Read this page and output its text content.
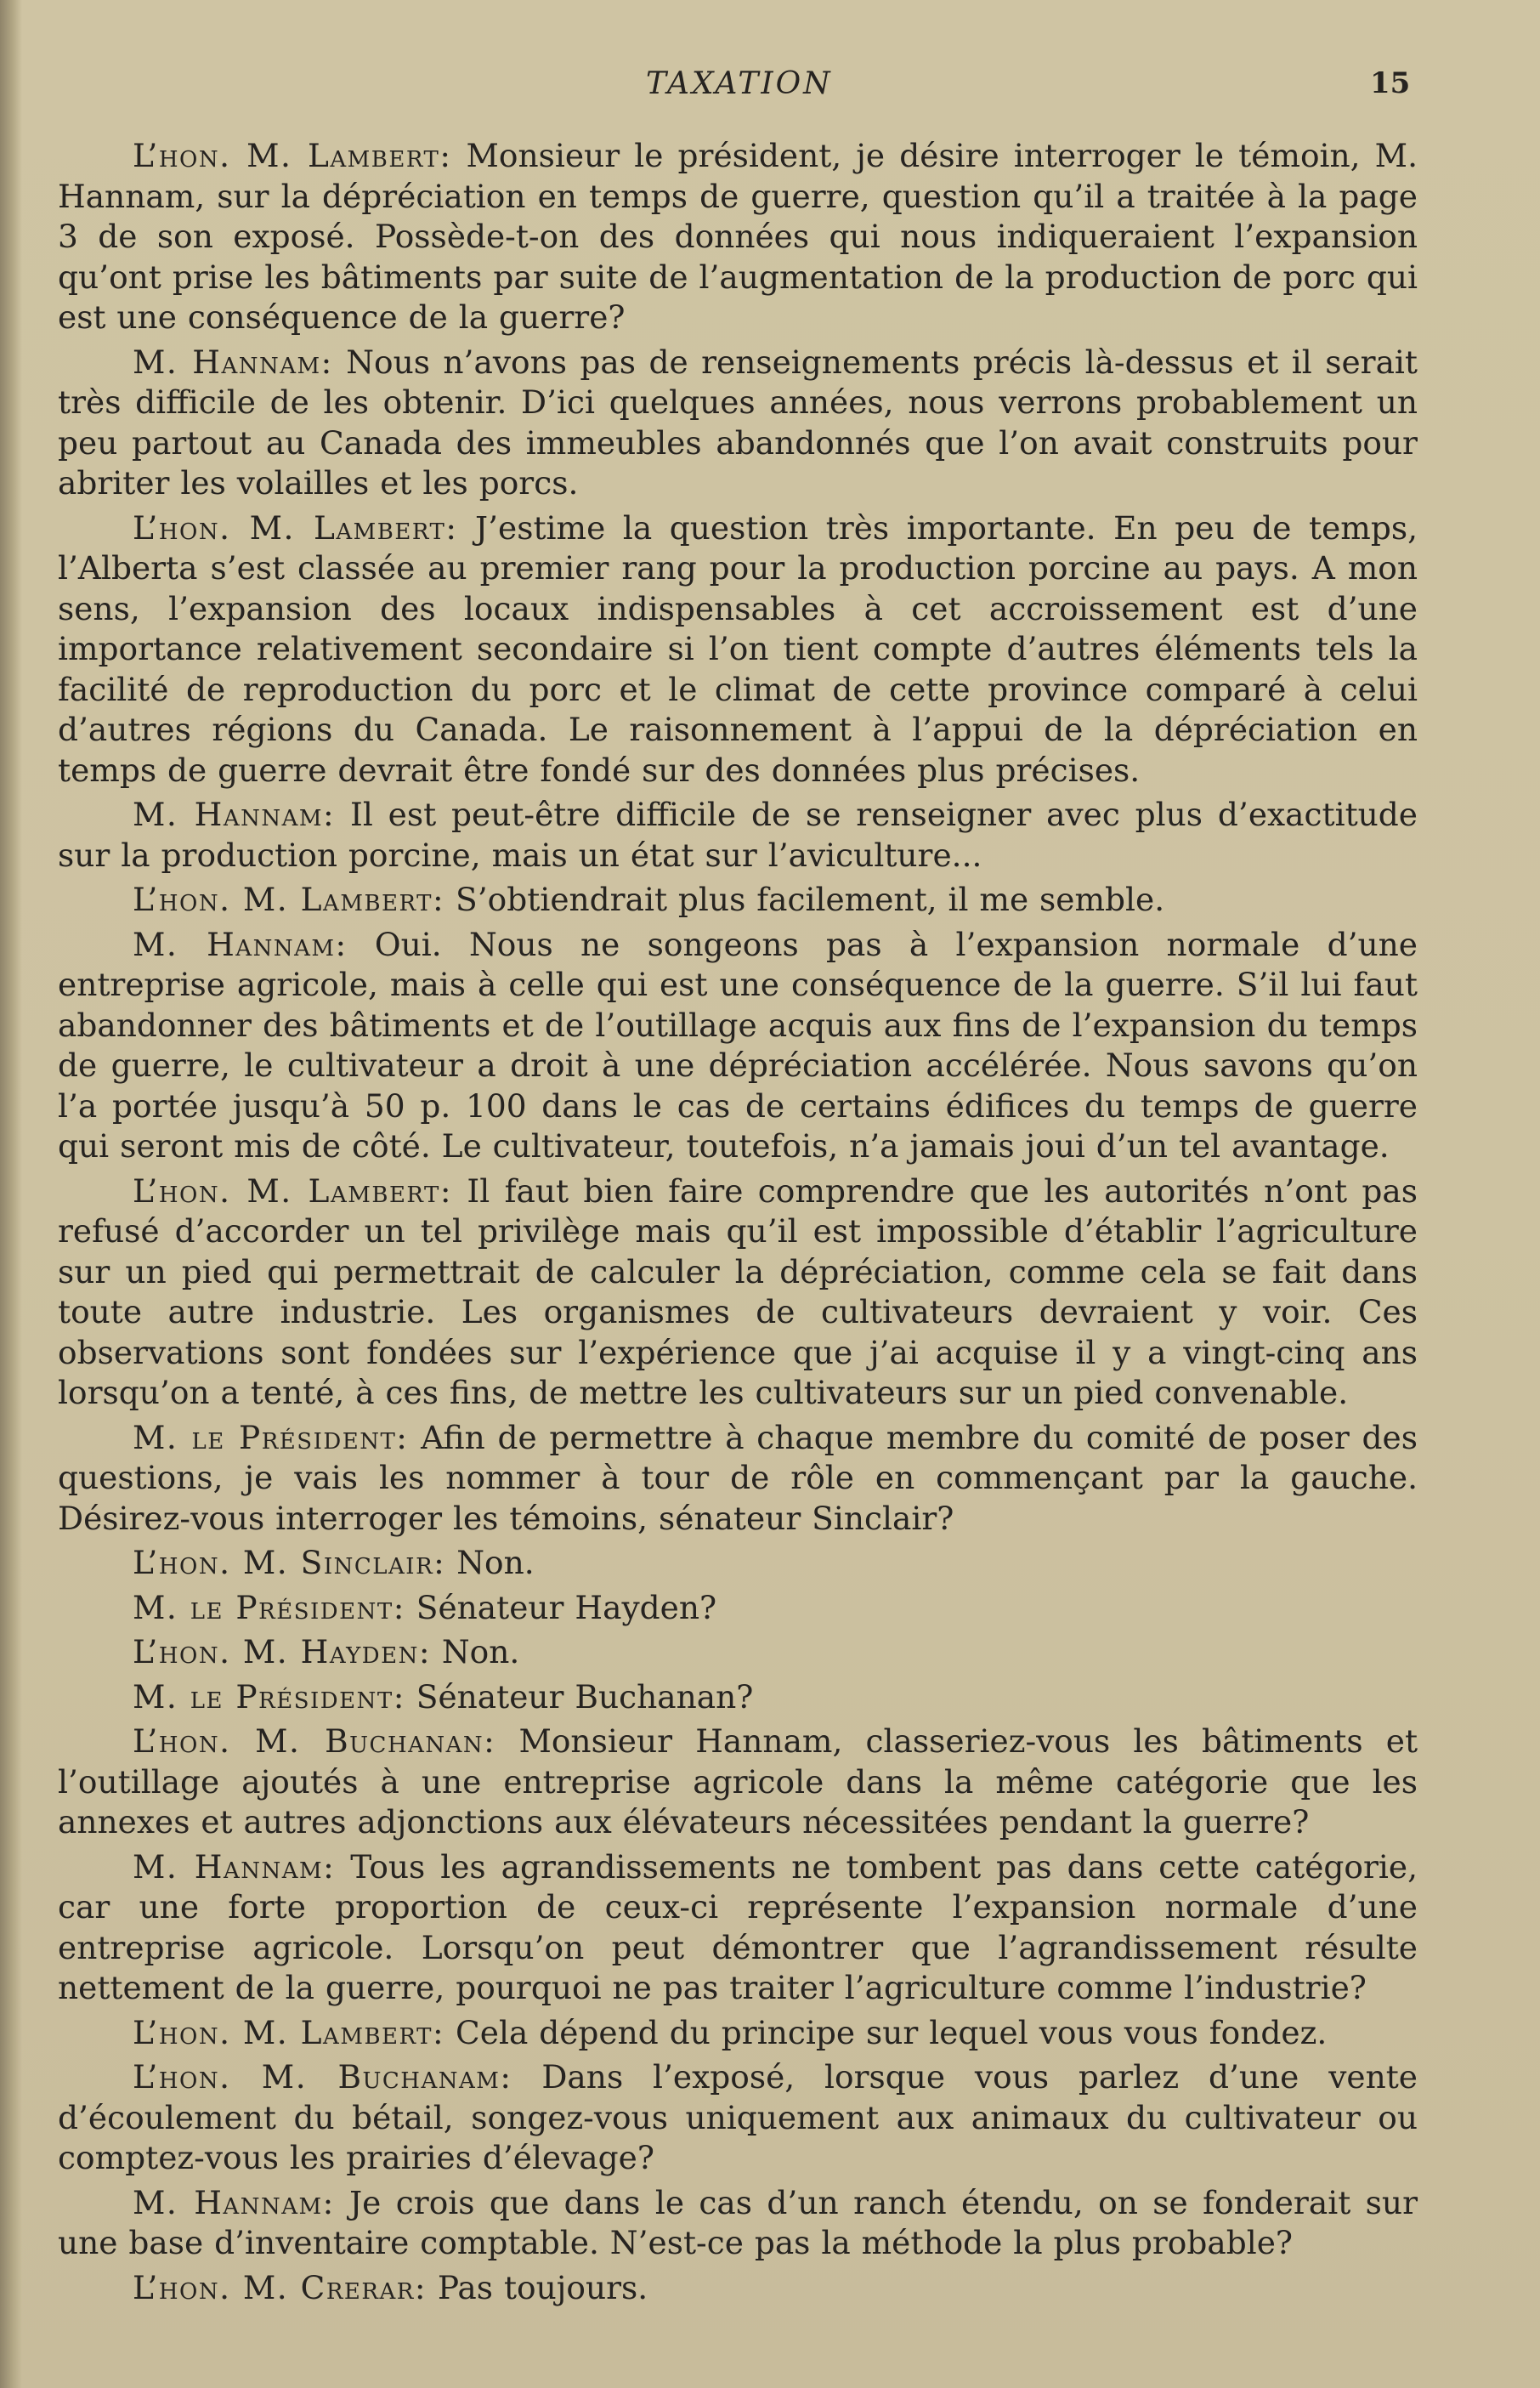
TAXATION	15

L’hon. M. Lambert: Monsieur le président, je désire interroger le témoin, M. Hannam, sur la dépréciation en temps de guerre, question qu’il a traitée à la page 3 de son exposé. Possède-t-on des données qui nous indiqueraient l’expansion qu’ont prise les bâtiments par suite de l’augmentation de la production de porc qui est une conséquence de la guerre?

M. Hannam: Nous n’avons pas de renseignements précis là-dessus et il serait très difficile de les obtenir. D’ici quelques années, nous verrons probablement un peu partout au Canada des immeubles abandonnés que l’on avait construits pour abriter les volailles et les porcs.

L’hon. M. Lambert: J’estime la question très importante. En peu de temps, l’Alberta s’est classée au premier rang pour la production porcine au pays. A mon sens, l’expansion des locaux indispensables à cet accroissement est d’une importance relativement secondaire si l’on tient compte d’autres éléments tels la facilité de reproduction du porc et le climat de cette province comparé à celui d’autres régions du Canada. Le raisonnement à l’appui de la dépréciation en temps de guerre devrait être fondé sur des données plus précises.

M. Hannam: Il est peut-être difficile de se renseigner avec plus d’exactitude sur la production porcine, mais un état sur l’aviculture...

L’hon. M. Lambert: S’obtiendrait plus facilement, il me semble.

M. Hannam: Oui. Nous ne songeons pas à l’expansion normale d’une entreprise agricole, mais à celle qui est une conséquence de la guerre. S’il lui faut abandonner des bâtiments et de l’outillage acquis aux fins de l’expansion du temps de guerre, le cultivateur a droit à une dépréciation accélérée. Nous savons qu’on l’a portée jusqu’à 50 p. 100 dans le cas de certains édifices du temps de guerre qui seront mis de côté. Le cultivateur, toutefois, n’a jamais joui d’un tel avantage.

L’hon. M. Lambert: Il faut bien faire comprendre que les autorités n’ont pas refusé d’accorder un tel privilège mais qu’il est impossible d’établir l’agriculture sur un pied qui permettrait de calculer la dépréciation, comme cela se fait dans toute autre industrie. Les organismes de cultivateurs devraient y voir. Ces observations sont fondées sur l’expérience que j’ai acquise il y a vingt-cinq ans lorsqu’on a tenté, à ces fins, de mettre les cultivateurs sur un pied convenable.

M. le Président: Afin de permettre à chaque membre du comité de poser des questions, je vais les nommer à tour de rôle en commençant par la gauche. Désirez-vous interroger les témoins, sénateur Sinclair?

L’hon. M. Sinclair: Non.

M. le Président: Sénateur Hayden?

L’hon. M. Hayden: Non.

M. le Président: Sénateur Buchanan?

L’hon. M. Buchanan: Monsieur Hannam, classeriez-vous les bâtiments et l’outillage ajoutés à une entreprise agricole dans la même catégorie que les annexes et autres adjonctions aux élévateurs nécessitées pendant la guerre?

M. Hannam: Tous les agrandissements ne tombent pas dans cette catégorie, car une forte proportion de ceux-ci représente l’expansion normale d’une entreprise agricole. Lorsqu’on peut démontrer que l’agrandissement résulte nettement de la guerre, pourquoi ne pas traiter l’agriculture comme l’industrie?

L’hon. M. Lambert: Cela dépend du principe sur lequel vous vous fondez.

L’hon. M. Buchanam: Dans l’exposé, lorsque vous parlez d’une vente d’écoulement du bétail, songez-vous uniquement aux animaux du cultivateur ou comptez-vous les prairies d’élevage?

M. Hannam: Je crois que dans le cas d’un ranch étendu, on se fonderait sur une base d’inventaire comptable. N’est-ce pas la méthode la plus probable?

L’hon. M. Crerar: Pas toujours.
